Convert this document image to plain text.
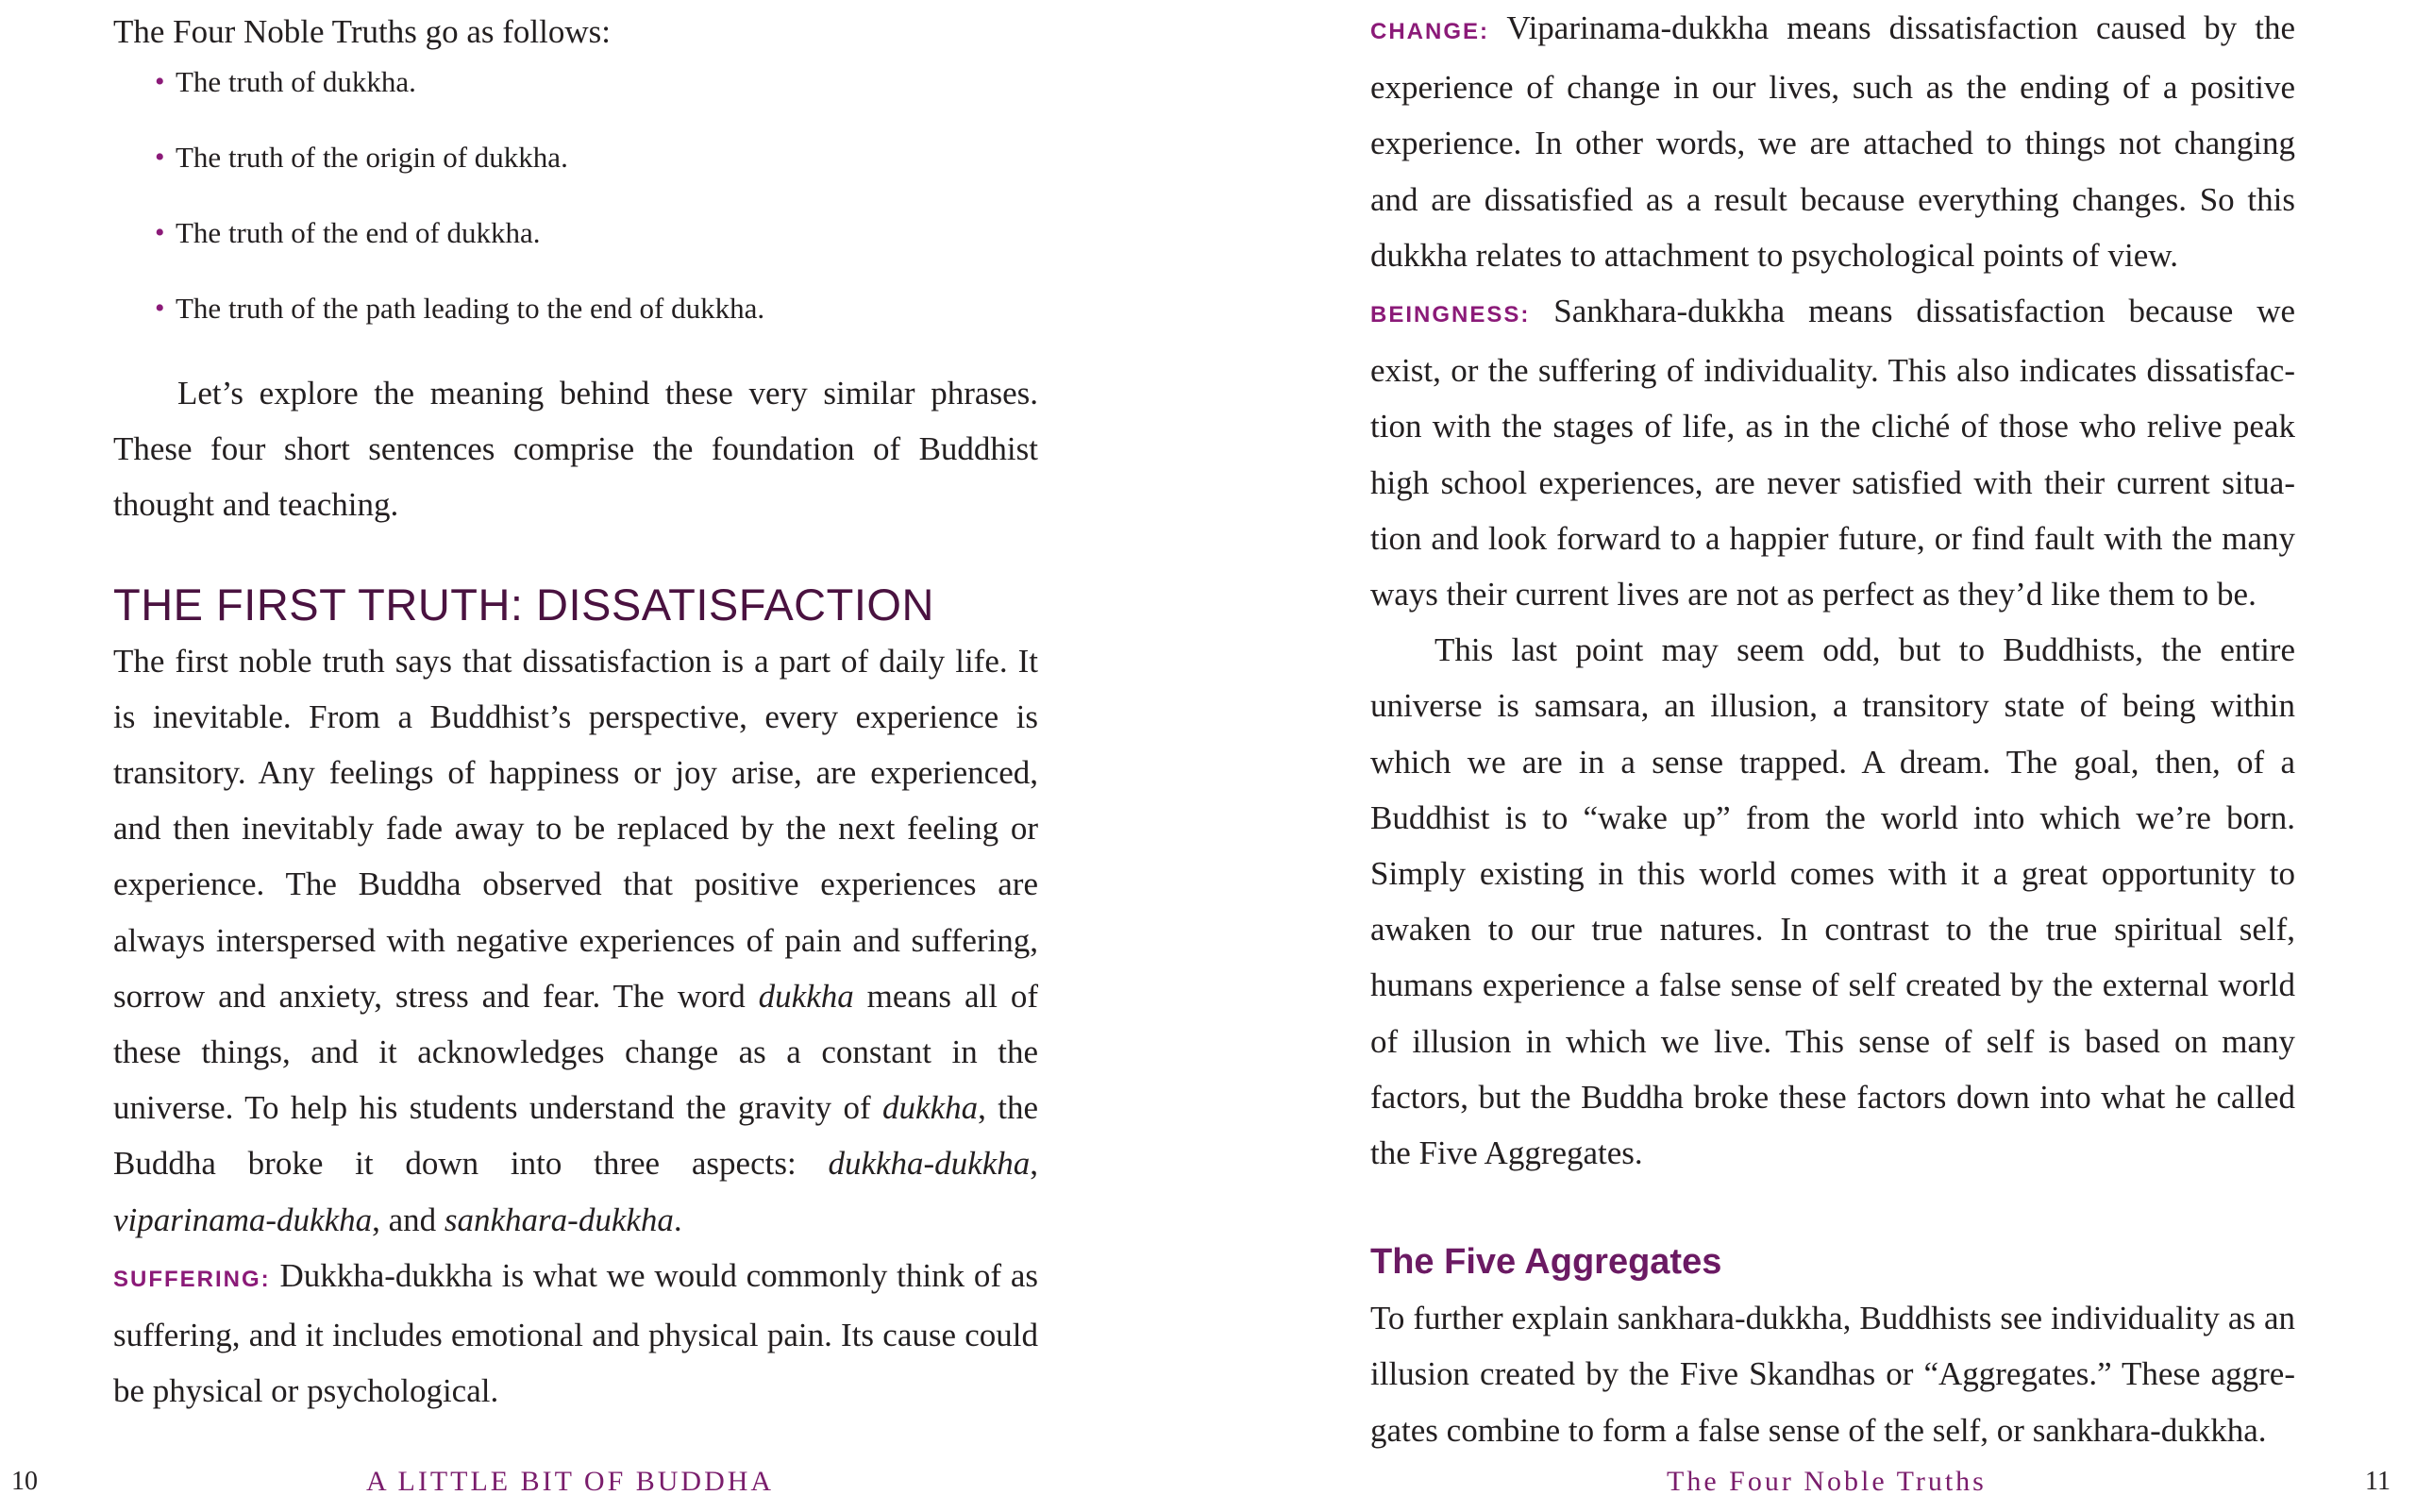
The Four Noble Truths go as follows:

• The truth of dukkha.
• The truth of the origin of dukkha.
• The truth of the end of dukkha.
• The truth of the path leading to the end of dukkha.

Let’s explore the meaning behind these very similar phrases. These four short sentences comprise the foundation of Buddhist thought and teaching.

THE FIRST TRUTH: DISSATISFACTION

The first noble truth says that dissatisfaction is a part of daily life. It is inevitable. From a Buddhist’s perspective, every experience is transitory. Any feelings of happiness or joy arise, are experienced, and then inevitably fade away to be replaced by the next feeling or experience. The Buddha observed that positive experiences are always interspersed with negative experiences of pain and suffering, sorrow and anxiety, stress and fear. The word dukkha means all of these things, and it acknowledges change as a constant in the universe. To help his students understand the gravity of dukkha, the Buddha broke it down into three aspects: dukkha-dukkha, viparinama-dukkha, and sankhara-dukkha.

SUFFERING: Dukkha-dukkha is what we would commonly think of as suffering, and it includes emotional and physical pain. Its cause could be physical or psychological.

10	A LITTLE BIT OF BUDDHA

CHANGE: Viparinama-dukkha means dissatisfaction caused by the experience of change in our lives, such as the ending of a positive experience. In other words, we are attached to things not changing and are dissatisfied as a result because everything changes. So this dukkha relates to attachment to psychological points of view.

BEINGNESS: Sankhara-dukkha means dissatisfaction because we exist, or the suffering of individuality. This also indicates dissatisfaction with the stages of life, as in the cliché of those who relive peak high school experiences, are never satisfied with their current situation and look forward to a happier future, or find fault with the many ways their current lives are not as perfect as they’d like them to be.

This last point may seem odd, but to Buddhists, the entire universe is samsara, an illusion, a transitory state of being within which we are in a sense trapped. A dream. The goal, then, of a Buddhist is to “wake up” from the world into which we’re born. Simply existing in this world comes with it a great opportunity to awaken to our true natures. In contrast to the true spiritual self, humans experience a false sense of self created by the external world of illusion in which we live. This sense of self is based on many factors, but the Buddha broke these factors down into what he called the Five Aggregates.

The Five Aggregates

To further explain sankhara-dukkha, Buddhists see individuality as an illusion created by the Five Skandhas or “Aggregates.” These aggregates combine to form a false sense of the self, or sankhara-dukkha.

The Four Noble Truths	11
